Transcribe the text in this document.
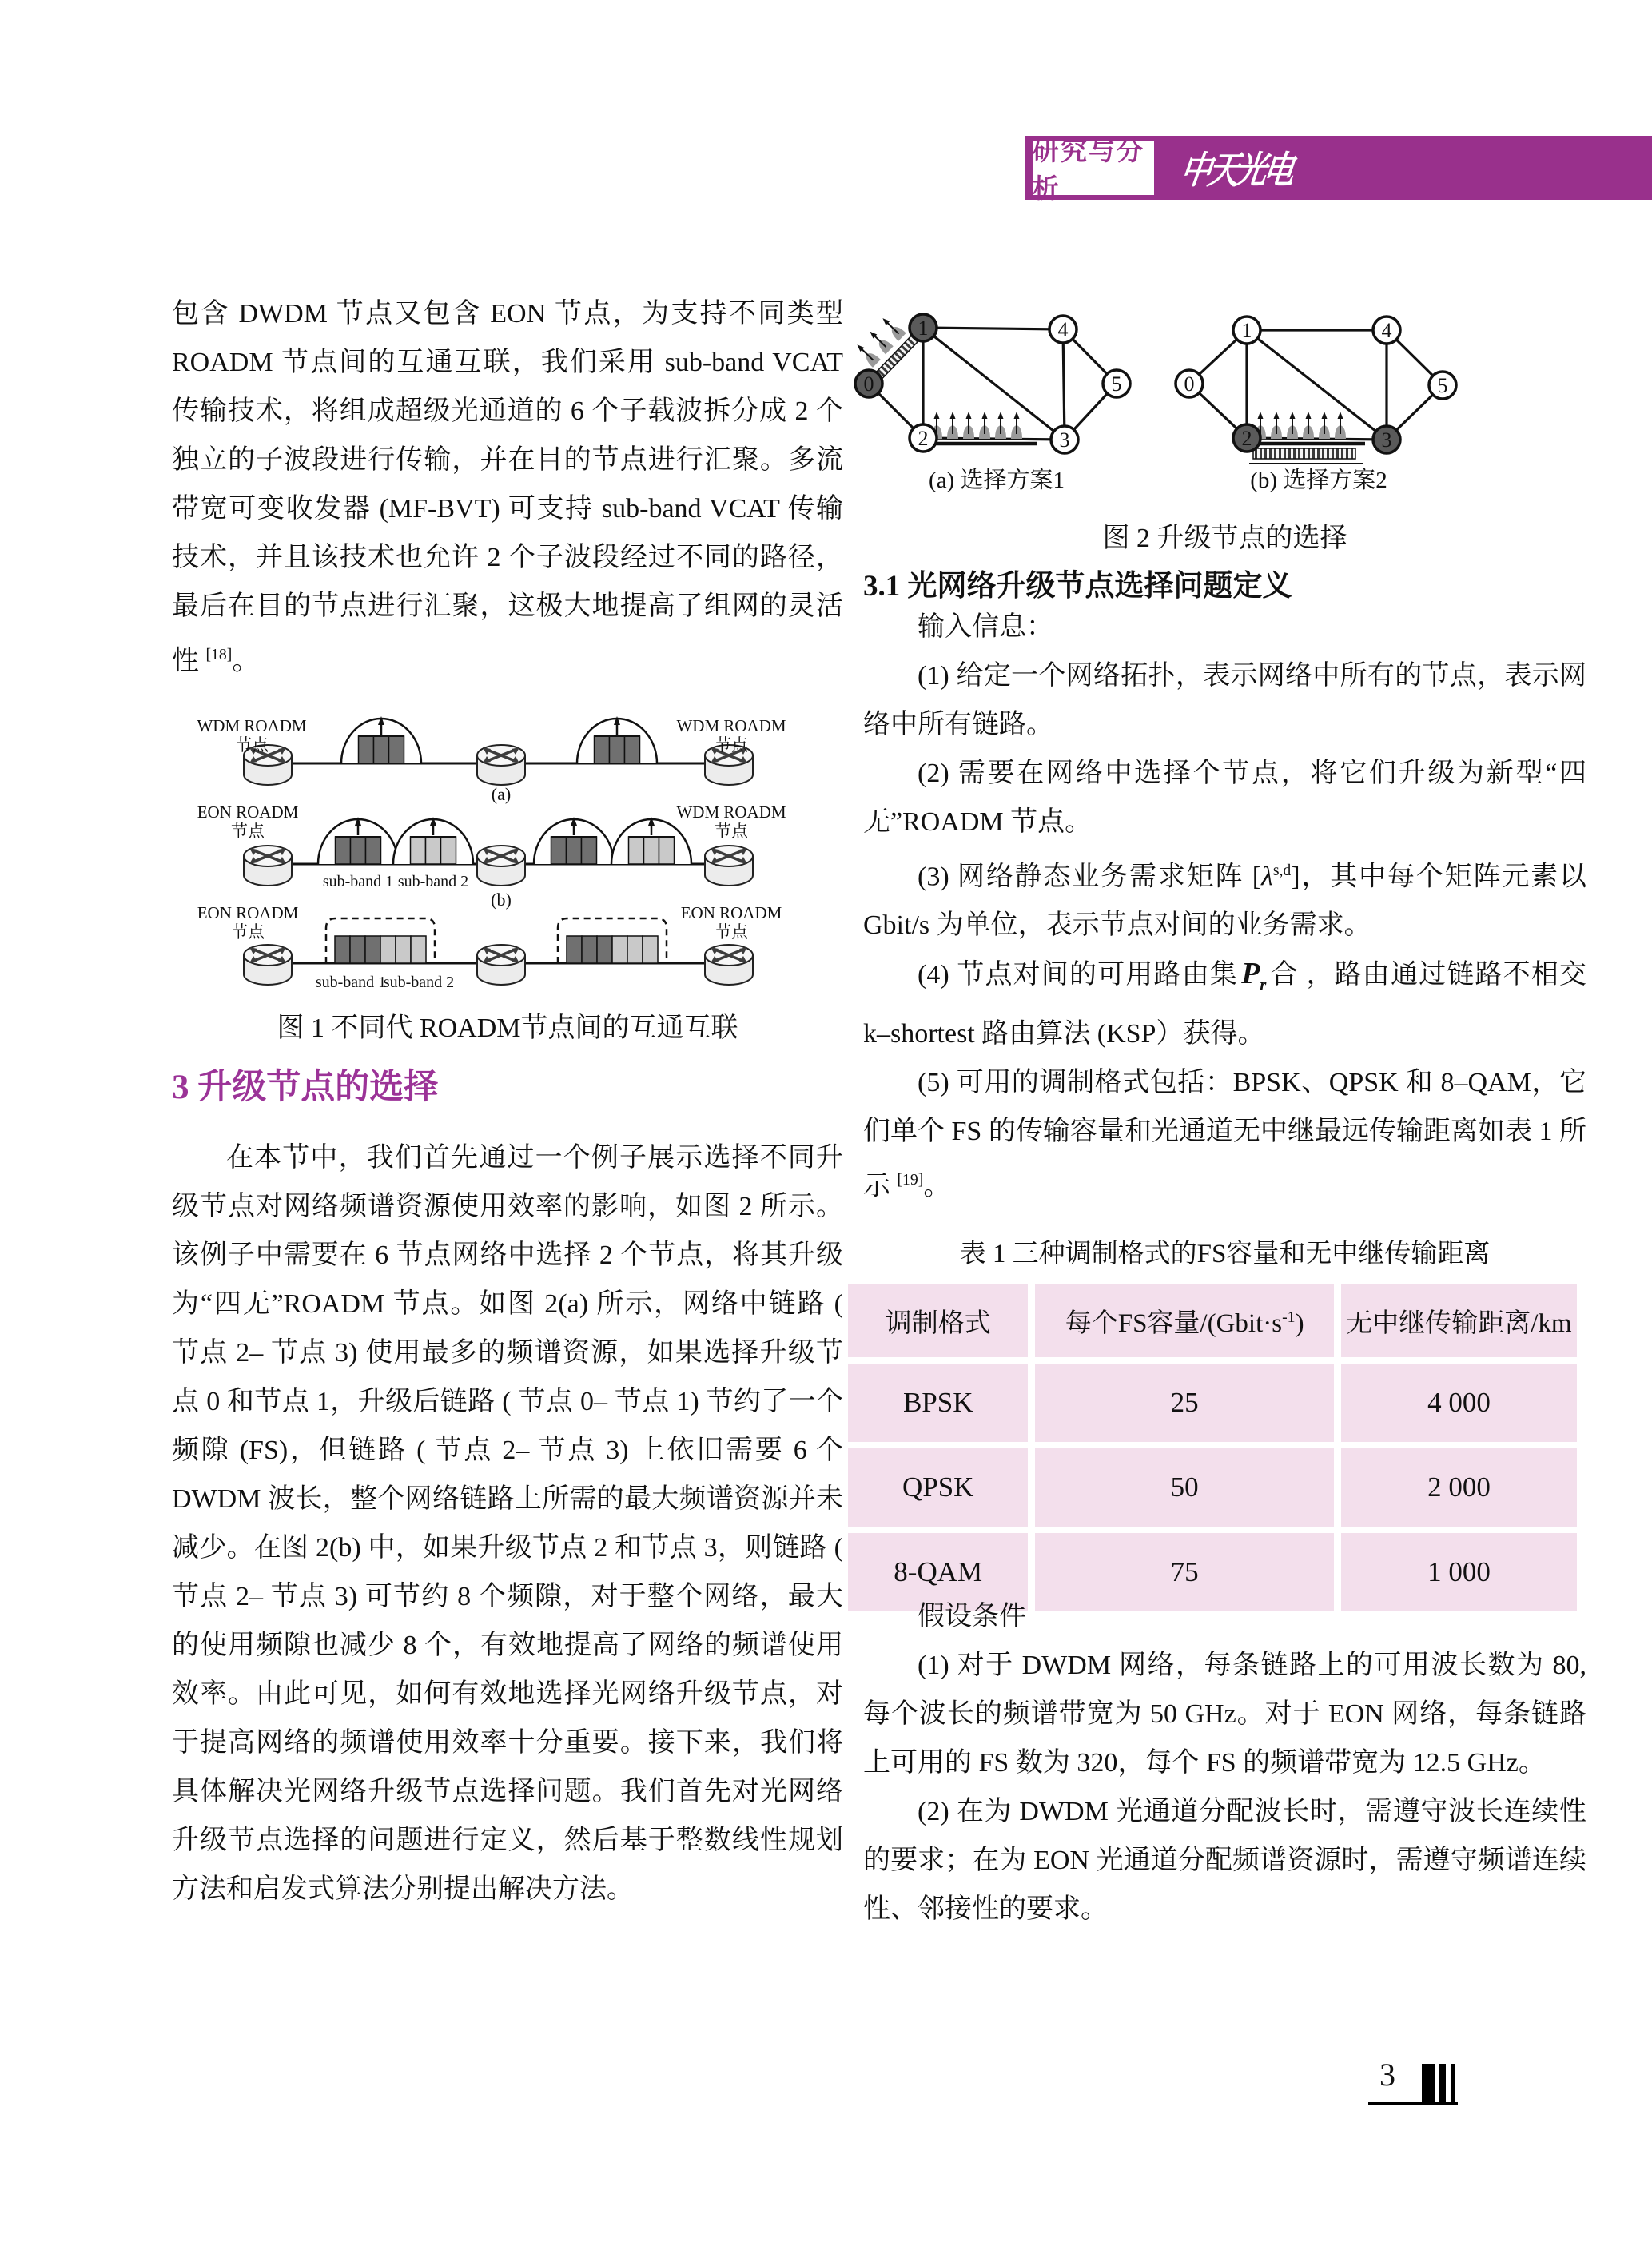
研究与分析	中天光电

包含 DWDM 节点又包含 EON 节点，为支持不同类型 ROADM 节点间的互通互联，我们采用 sub-band VCAT 传输技术，将组成超级光通道的 6 个子载波拆分成 2 个独立的子波段进行传输，并在目的节点进行汇聚。多流带宽可变收发器 (MF-BVT) 可支持 sub-band VCAT 传输技术，并且该技术也允许 2 个子波段经过不同的路径，最后在目的节点进行汇聚，这极大地提高了组网的灵活性 [18]。

WDM ROADM
节点
WDM ROADM
节点
(a)
EON ROADM
节点
WDM ROADM
节点
sub-band 1 sub-band 2
(b)
EON ROADM
节点
EON ROADM
节点
sub-band 1
sub-band 2
图 1 不同代 ROADM节点间的互通互联
3 升级节点的选择

在本节中，我们首先通过一个例子展示选择不同升级节点对网络频谱资源使用效率的影响，如图 2 所示。该例子中需要在 6 节点网络中选择 2 个节点，将其升级为“四无”ROADM 节点。如图 2(a) 所示，网络中链路 ( 节点 2– 节点 3) 使用最多的频谱资源，如果选择升级节点 0 和节点 1，升级后链路 ( 节点 0– 节点 1) 节约了一个频隙 (FS)，但链路 ( 节点 2– 节点 3) 上依旧需要 6 个 DWDM 波长，整个网络链路上所需的最大频谱资源并未减少。在图 2(b) 中，如果升级节点 2 和节点 3，则链路 ( 节点 2– 节点 3) 可节约 8 个频隙，对于整个网络，最大的使用频隙也减少 8 个，有效地提高了网络的频谱使用效率。由此可见，如何有效地选择光网络升级节点，对于提高网络的频谱使用效率十分重要。接下来，我们将具体解决光网络升级节点选择问题。我们首先对光网络升级节点选择的问题进行定义，然后基于整数线性规划方法和启发式算法分别提出解决方法。

0
1
2	3
4
5
(a) 选择方案1
0
1
2	3
4
5
(b) 选择方案2
图 2 升级节点的选择
3.1 光网络升级节点选择问题定义

输入信息：

(1) 给定一个网络拓扑，表示网络中所有的节点，表示网络中所有链路。

(2) 需要在网络中选择个节点，将它们升级为新型“四无”ROADM 节点。

(3) 网络静态业务需求矩阵 [λ$^{s,d}$]，其中每个矩阵元素以 Gbit/s 为单位，表示节点对间的业务需求。

(4) 节点对间的可用路由集 $P_r$ 合 ，路由通过链路不相交 k–shortest 路由算法 (KSP）获得。

(5) 可用的调制格式包括：BPSK、QPSK 和 8–QAM，它们单个 FS 的传输容量和光通道无中继最远传输距离如表 1 所示 [19]。

表 1 三种调制格式的FS容量和无中继传输距离
调制格式	每个FS容量$/(Gbit\cdot s^{-1})$	无中继传输距离/km
BPSK	25	4 000
QPSK	50	2 000
8-QAM	75	1 000

假设条件

(1) 对于 DWDM 网络，每条链路上的可用波长数为 80, 每个波长的频谱带宽为 50 GHz。对于 EON 网络，每条链路上可用的 FS 数为 320，每个 FS 的频谱带宽为 12.5 GHz。

(2) 在为 DWDM 光通道分配波长时，需遵守波长连续性的要求；在为 EON 光通道分配频谱资源时，需遵守频谱连续性、邻接性的要求。

3
